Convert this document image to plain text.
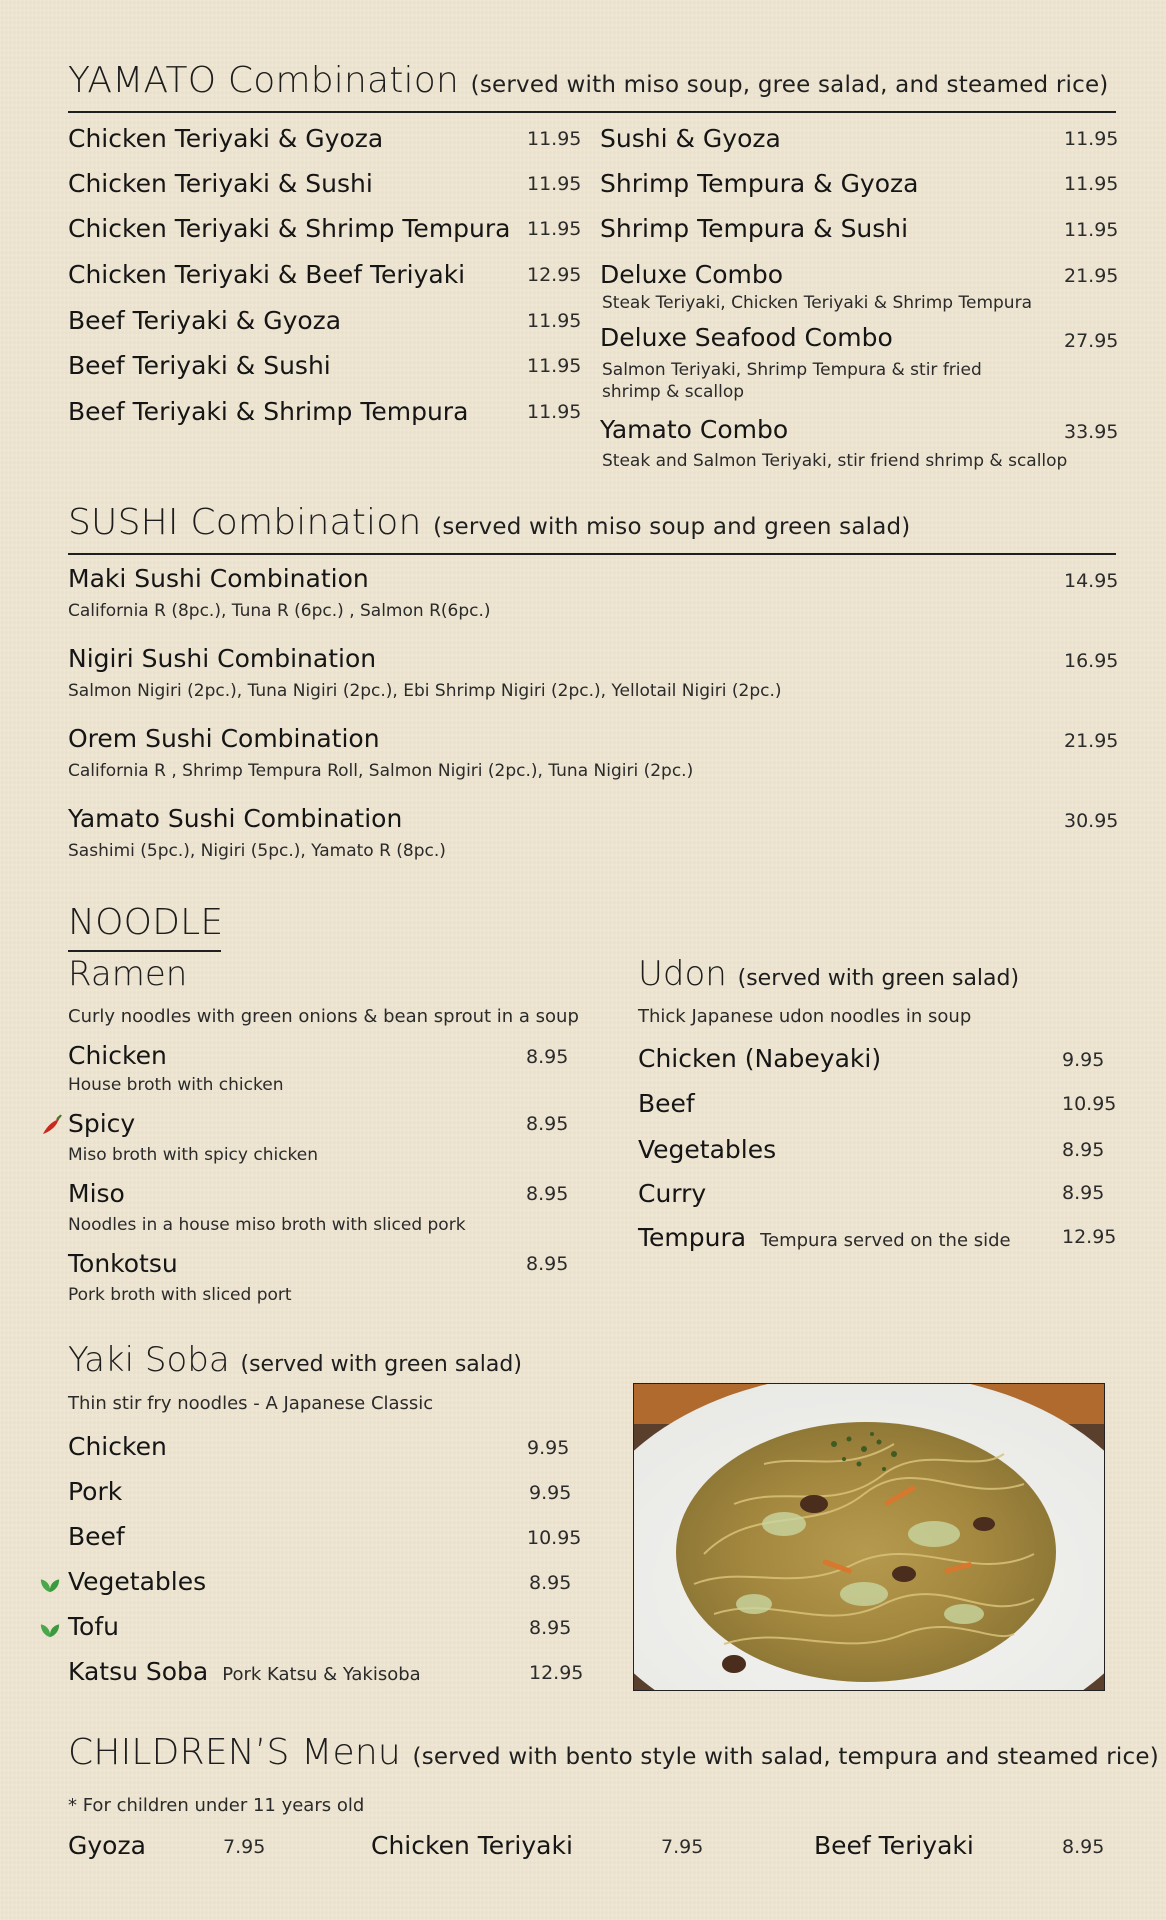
YAMATO Combination (served with miso soup, gree salad, and steamed rice)
Chicken Teriyaki & Gyoza	11.95
Chicken Teriyaki & Sushi	11.95
Chicken Teriyaki & Shrimp Tempura 11.95
Chicken Teriyaki & Beef Teriyaki	12.95
Beef Teriyaki & Gyoza	11.95
Beef Teriyaki & Sushi	11.95
Beef Teriyaki & Shrimp Tempura	11.95
Sushi & Gyoza	11.95
Shrimp Tempura & Gyoza	11.95
Shrimp Tempura & Sushi	11.95
Deluxe Combo	21.95
Steak Teriyaki, Chicken Teriyaki & Shrimp Tempura
Deluxe Seafood Combo	27.95
Salmon Teriyaki, Shrimp Tempura & stir fried shrimp & scallop
Yamato Combo	33.95
Steak and Salmon Teriyaki, stir friend shrimp & scallop
SUSHI Combination (served with miso soup and green salad)
Maki Sushi Combination	14.95
California R (8pc.), Tuna R (6pc.) , Salmon R(6pc.)
Nigiri Sushi Combination	16.95
Salmon Nigiri (2pc.), Tuna Nigiri (2pc.), Ebi Shrimp Nigiri (2pc.), Yellotail Nigiri (2pc.)
Orem Sushi Combination	21.95
California R , Shrimp Tempura Roll, Salmon Nigiri (2pc.), Tuna Nigiri (2pc.)
Yamato Sushi Combination	30.95
Sashimi (5pc.), Nigiri (5pc.), Yamato R (8pc.)
NOODLE
Ramen
Curly noodles with green onions & bean sprout in a soup
Chicken	8.95
House broth with chicken
Spicy	8.95
Miso broth with spicy chicken
Miso	8.95
Noodles in a house miso broth with sliced pork
Tonkotsu	8.95
Pork broth with sliced port
Udon (served with green salad)
Thick Japanese udon noodles in soup
Chicken (Nabeyaki)	9.95
Beef	10.95
Vegetables	8.95
Curry	8.95
Tempura Tempura served on the side	12.95
Yaki Soba (served with green salad)
Thin stir fry noodles - A Japanese Classic
Chicken	9.95
Pork	9.95
Beef	10.95
Vegetables	8.95
Tofu	8.95
Katsu Soba Pork Katsu & Yakisoba	12.95
CHILDREN’S Menu (served with bento style with salad, tempura and steamed rice)
* For children under 11 years old
Gyoza	7.95	Chicken Teriyaki	7.95	Beef Teriyaki	8.95
